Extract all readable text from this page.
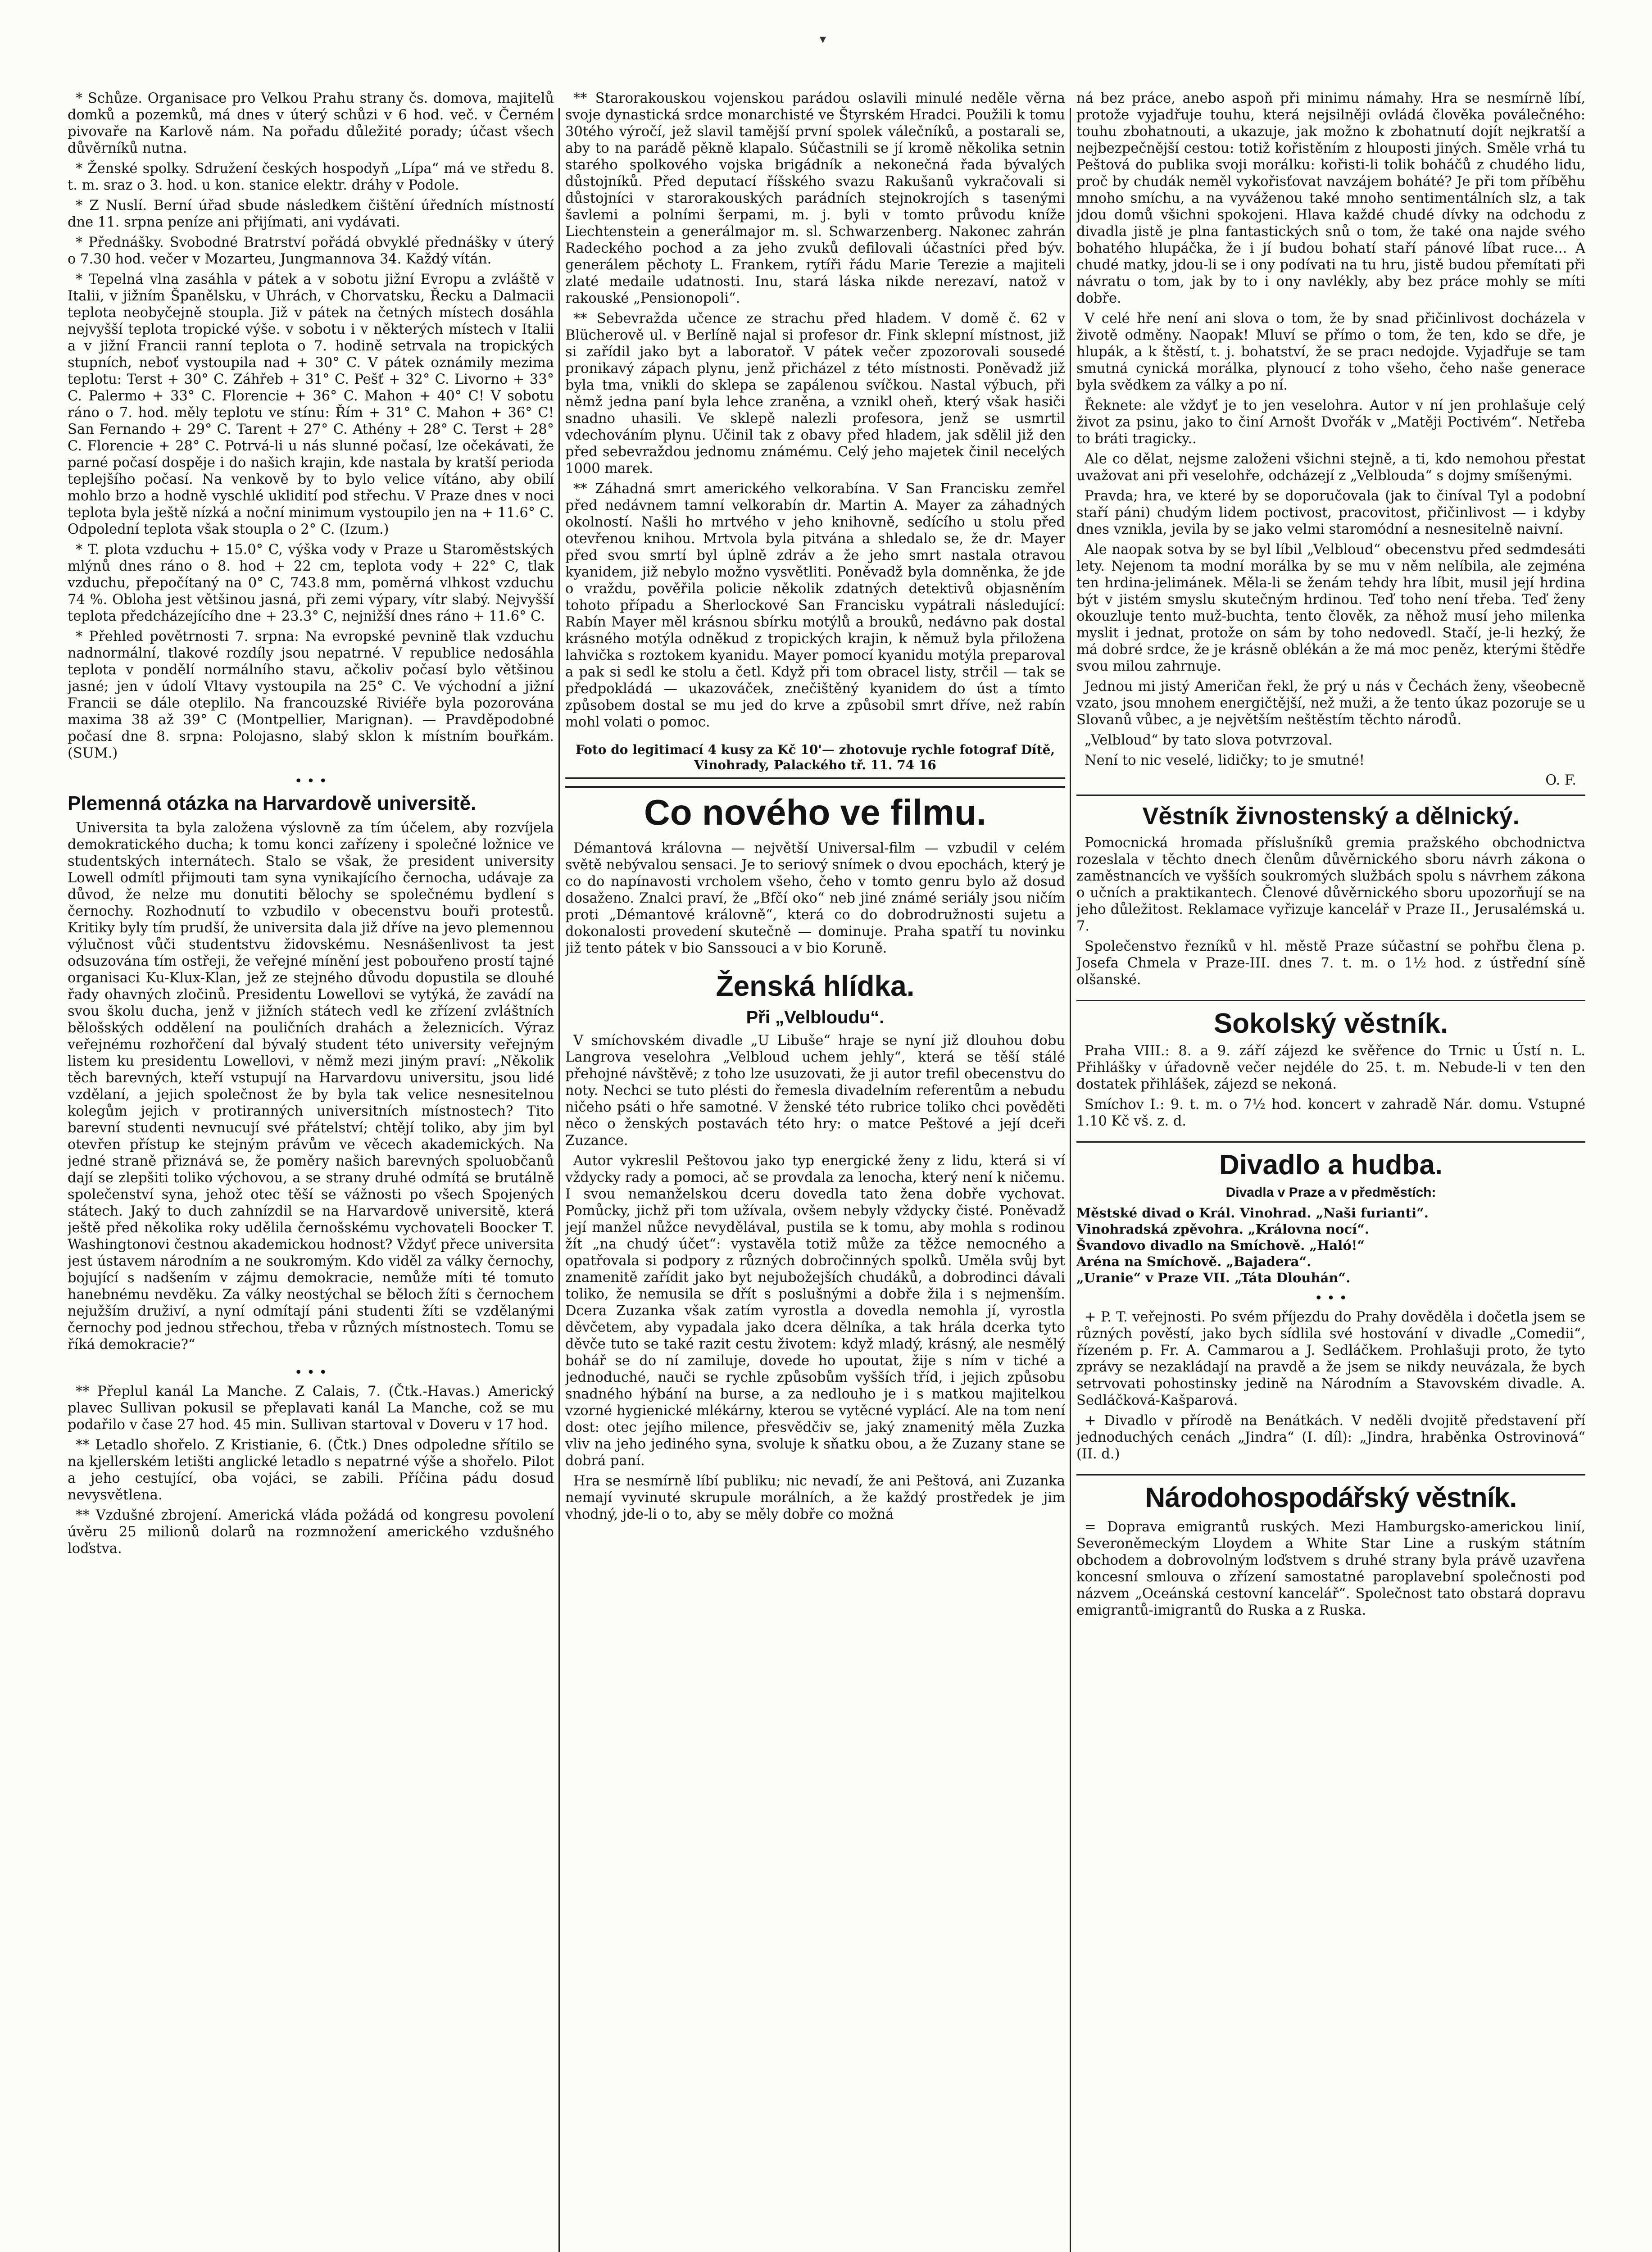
▾

* Schůze. Organisace pro Velkou Prahu strany čs. domova, majitelů domků a pozemků, má dnes v úterý schůzi v 6 hod. več. v Černém pivovaře na Karlově nám. Na pořadu důležité porady; účast všech důvěrníků nutna.

* Ženské spolky. Sdružení českých hospodyň „Lípa“ má ve středu 8. t. m. sraz o 3. hod. u kon. stanice elektr. dráhy v Podole.

* Z Nuslí. Berní úřad sbude následkem čištění úředních místností dne 11. srpna peníze ani přijímati, ani vydávati.

* Přednášky. Svobodné Bratrství pořádá obvyklé přednášky v úterý o 7.30 hod. večer v Mozarteu, Jungmannova 34. Každý vítán.

* Tepelná vlna zasáhla v pátek a v sobotu jižní Evropu a zvláště v Italii, v jižním Španělsku, v Uhrách, v Chorvatsku, Řecku a Dalmacii teplota neobyčejně stoupla. Již v pátek na četných místech dosáhla nejvyšší teplota tropické výše. v sobotu i v některých místech v Italii a v jižní Francii ranní teplota o 7. hodině setrvala na tropických stupních, neboť vystoupila nad + 30° C. V pátek oznámily mezima teplotu: Terst + 30° C. Záhřeb + 31° C. Pešť + 32° C. Livorno + 33° C. Palermo + 33° C. Florencie + 36° C. Mahon + 40° C! V sobotu ráno o 7. hod. měly teplotu ve stínu: Řím + 31° C. Mahon + 36° C! San Fernando + 29° C. Tarent + 27° C. Athény + 28° C. Terst + 28° C. Florencie + 28° C. Potrvá-li u nás slunné počasí, lze očekávati, že parné počasí dospěje i do našich krajin, kde nastala by kratší perioda teplejšího počasí. Na venkově by to bylo velice vítáno, aby obilí mohlo brzo a hodně vyschlé uklidití pod střechu. V Praze dnes v noci teplota byla ještě nízká a noční minimum vystoupilo jen na + 11.6° C. Odpolední teplota však stoupla o 2° C. (Izum.)

* T. plota vzduchu + 15.0° C, výška vody v Praze u Staroměstských mlýnů dnes ráno o 8. hod + 22 cm, teplota vody + 22° C, tlak vzduchu, přepočítaný na 0° C, 743.8 mm, poměrná vlhkost vzduchu 74 %. Obloha jest většinou jasná, při zemi výpary, vítr slabý. Nejvyšší teplota předcházejícího dne + 23.3° C, nejnižší dnes ráno + 11.6° C.

* Přehled povětrnosti 7. srpna: Na evropské pevnině tlak vzduchu nadnormální, tlakové rozdíly jsou nepatrné. V republice nedosáhla teplota v pondělí normálního stavu, ačkoliv počasí bylo většinou jasné; jen v údolí Vltavy vystoupila na 25° C. Ve východní a jižní Francii se dále oteplilo. Na francouzské Riviéře byla pozorována maxima 38 až 39° C (Montpellier, Marignan). — Pravděpodobné počasí dne 8. srpna: Polojasno, slabý sklon k místním bouřkám. (SUM.)

• • •
Plemenná otázka na Harvardově universitě.

Universita ta byla založena výslovně za tím účelem, aby rozvíjela demokratického ducha; k tomu konci zařízeny i společné ložnice ve studentských internátech. Stalo se však, že president university Lowell odmítl přijmouti tam syna vynikajícího černocha, udávaje za důvod, že nelze mu donutiti bělochy se společnému bydlení s černochy. Rozhodnutí to vzbudilo v obecenstvu bouři protestů. Kritiky byly tím prudší, že universita dala již dříve na jevo plemennou výlučnost vůči studentstvu židovskému. Nesnášenlivost ta jest odsuzována tím ostřeji, že veřejné mínění jest pobouřeno prostí tajné organisaci Ku-Klux-Klan, jež ze stejného důvodu dopustila se dlouhé řady ohavných zločinů. Presidentu Lowellovi se vytýká, že zavádí na svou školu ducha, jenž v jižních státech vedl ke zřízení zvláštních bělošských oddělení na pouličních drahách a železnicích. Výraz veřejnému rozhořčení dal bývalý student této university veřejným listem ku presidentu Lowellovi, v němž mezi jiným praví: „Několik těch barevných, kteří vstupují na Harvardovu universitu, jsou lidé vzdělaní, a jejich společnost že by byla tak velice nesnesitelnou kolegům jejich v protiranných universitních místnostech? Tito barevní studenti nevnucují své přátelství; chtějí toliko, aby jim byl otevřen přístup ke stejným právům ve věcech akademických. Na jedné straně přiznává se, že poměry našich barevných spoluobčanů dají se zlepšiti toliko výchovou, a se strany druhé odmítá se brutálně společenství syna, jehož otec těší se vážnosti po všech Spojených státech. Jaký to duch zahnízdil se na Harvardově universitě, která ještě před několika roky udělila černošskému vychovateli Boocker T. Washingtonovi čestnou akademickou hodnost? Vždyť přece universita jest ústavem národním a ne soukromým. Kdo viděl za války černochy, bojující s nadšením v zájmu demokracie, nemůže míti té tomuto hanebnému nevděku. Za války neostýchal se běloch žíti s černochem nejužším druživí, a nyní odmítají páni studenti žíti se vzdělanými černochy pod jednou střechou, třeba v různých místnostech. Tomu se říká demokracie?“

• • •

** Přeplul kanál La Manche. Z Calais, 7. (Čtk.-Havas.) Americký plavec Sullivan pokusil se přeplavati kanál La Manche, což se mu podařilo v čase 27 hod. 45 min. Sullivan startoval v Doveru v 17 hod.

** Letadlo shořelo. Z Kristianie, 6. (Čtk.) Dnes odpoledne sřítilo se na kjellerském letišti anglické letadlo s nepatrné výše a shořelo. Pilot a jeho cestující, oba vojáci, se zabili. Příčina pádu dosud nevysvětlena.

** Vzdušné zbrojení. Americká vláda požádá od kongresu povolení úvěru 25 milionů dolarů na rozmnožení amerického vzdušného loďstva.

** Starorakouskou vojenskou parádou oslavili minulé neděle věrna svoje dynastická srdce monarchisté ve Štyrském Hradci. Použili k tomu 30tého výročí, jež slavil tamější první spolek válečníků, a postarali se, aby to na parádě pěkně klapalo. Súčastnili se jí kromě několika setnin starého spolkového vojska brigádník a nekonečná řada bývalých důstojníků. Před deputací říšského svazu Rakušanů vykračovali si důstojníci v starorakouských parádních stejnokrojích s tasenými šavlemi a polními šerpami, m. j. byli v tomto průvodu kníže Liechtenstein a generálmajor m. sl. Schwarzenberg. Nakonec zahrán Radeckého pochod a za jeho zvuků defilovali účastníci před býv. generálem pěchoty L. Frankem, rytíři řádu Marie Terezie a majiteli zlaté medaile udatnosti. Inu, stará láska nikde nerezaví, natož v rakouské „Pensionopoli“.

** Sebevražda učence ze strachu před hladem. V domě č. 62 v Blücherově ul. v Berlíně najal si profesor dr. Fink sklepní místnost, již si zařídil jako byt a laboratoř. V pátek večer zpozorovali sousedé pronikavý zápach plynu, jenž přicházel z této místnosti. Poněvadž již byla tma, vnikli do sklepa se zapálenou svíčkou. Nastal výbuch, při němž jedna paní byla lehce zraněna, a vznikl oheň, který však hasiči snadno uhasili. Ve sklepě nalezli profesora, jenž se usmrtil vdechováním plynu. Učinil tak z obavy před hladem, jak sdělil již den před sebevraždou jednomu známému. Celý jeho majetek činil necelých 1000 marek.

** Záhadná smrt amerického velkorabína. V San Francisku zemřel před nedávnem tamní velkorabín dr. Martin A. Mayer za záhadných okolností. Našli ho mrtvého v jeho knihovně, sedícího u stolu před otevřenou knihou. Mrtvola byla pitvána a shledalo se, že dr. Mayer před svou smrtí byl úplně zdráv a že jeho smrt nastala otravou kyanidem, již nebylo možno vysvětliti. Poněvadž byla domněnka, že jde o vraždu, pověřila policie několik zdatných detektivů objasněním tohoto případu a Sherlockové San Francisku vypátrali následující: Rabín Mayer měl krásnou sbírku motýlů a brouků, nedávno pak dostal krásného motýla odněkud z tropických krajin, k němuž byla přiložena lahvička s roztokem kyanidu. Mayer pomocí kyanidu motýla preparoval a pak si sedl ke stolu a četl. Když při tom obracel listy, strčil — tak se předpokládá — ukazováček, znečištěný kyanidem do úst a tímto způsobem dostal se mu jed do krve a způsobil smrt dříve, než rabín mohl volati o pomoc.

Foto do legitimací 4 kusy za Kč 10'— zhotovuje rychle fotograf Dítě, Vinohrady, Palackého tř. 11. 74 16
Co nového ve filmu.

Démantová královna — největší Universal-film — vzbudil v celém světě nebývalou sensaci. Je to seriový snímek o dvou epochách, který je co do napínavosti vrcholem všeho, čeho v tomto genru bylo až dosud dosaženo. Znalci praví, že „Bfčí oko“ neb jiné známé seriály jsou ničím proti „Démantové královně“, která co do dobrodružnosti sujetu a dokonalosti provedení skutečně — dominuje. Praha spatří tu novinku již tento pátek v bio Sanssouci a v bio Koruně.

Ženská hlídka.
Při „Velbloudu“.

V smíchovském divadle „U Libuše“ hraje se nyní již dlouhou dobu Langrova veselohra „Velbloud uchem jehly“, která se těší stálé přehojné návštěvě; z toho lze usuzovati, že ji autor trefil obecenstvu do noty. Nechci se tuto plésti do řemesla divadelním referentům a nebudu ničeho psáti o hře samotné. V ženské této rubrice toliko chci pověděti něco o ženských postavách této hry: o matce Peštové a její dceři Zuzance.

Autor vykreslil Peštovou jako typ energické ženy z lidu, která si ví vždycky rady a pomoci, ač se provdala za lenocha, který není k ničemu. I svou nemanželskou dceru dovedla tato žena dobře vychovat. Pomůcky, jichž při tom užívala, ovšem nebyly vždycky čisté. Poněvadž její manžel nůžce nevydělával, pustila se k tomu, aby mohla s rodinou žít „na chudý účet“: vystavěla totiž může za těžce nemocného a opatřovala si podpory z různých dobročinných spolků. Uměla svůj byt znamenitě zařídit jako byt nejubožejších chudáků, a dobrodinci dávali toliko, že nemusila se dřít s poslušnými a dobře žila i s nejmenším. Dcera Zuzanka však zatím vyrostla a dovedla nemohla jí, vyrostla děvčetem, aby vypadala jako dcera dělníka, a tak hrála dcerka tyto děvče tuto se také razit cestu životem: když mladý, krásný, ale nesmělý bohář se do ní zamiluje, dovede ho upoutat, žije s ním v tiché a jednoduché, nauči se rychle způsobům vyšších tříd, i jejich způsobu snadného hýbání na burse, a za nedlouho je i s matkou majitelkou vzorné hygienické mlékárny, kterou se vytěcné vyplácí. Ale na tom není dost: otec jejího milence, přesvědčiv se, jaký znamenitý měla Zuzka vliv na jeho jediného syna, svoluje k sňatku obou, a že Zuzany stane se dobrá paní.

Hra se nesmírně líbí publiku; nic nevadí, že ani Peštová, ani Zuzanka nemají vyvinuté skrupule morálních, a že každý prostředek je jim vhodný, jde-li o to, aby se měly dobře co možná

ná bez práce, anebo aspoň při minimu námahy. Hra se nesmírně líbí, protože vyjadřuje touhu, která nejsilněji ovládá člověka poválečného: touhu zbohatnouti, a ukazuje, jak možno k zbohatnutí dojít nejkratší a nejbezpečnější cestou: totiž kořistěním z hlouposti jiných. Směle vrhá tu Peštová do publika svoji morálku: kořisti-li tolik boháčů z chudého lidu, proč by chudák neměl vykořisťovat navzájem boháté? Je při tom příběhu mnoho smíchu, a na vyváženou také mnoho sentimentálních slz, a tak jdou domů všichni spokojeni. Hlava každé chudé dívky na odchodu z divadla jistě je plna fantastických snů o tom, že také ona najde svého bohatého hlupáčka, že i jí budou bohatí staří pánové líbat ruce... A chudé matky, jdou-li se i ony podívati na tu hru, jistě budou přemítati při návratu o tom, jak by to i ony navlékly, aby bez práce mohly se míti dobře.

V celé hře není ani slova o tom, že by snad přičinlivost docházela v životě odměny. Naopak! Mluví se přímo o tom, že ten, kdo se dře, je hlupák, a k štěstí, t. j. bohatství, že se pracı nedojde. Vyjadřuje se tam smutná cynická morálka, plynoucí z toho všeho, čeho naše generace byla svědkem za války a po ní.

Řeknete: ale vždyť je to jen veselohra. Autor v ní jen prohlašuje celý život za psinu, jako to činí Arnošt Dvořák v „Matěji Poctivém“. Netřeba to bráti tragicky..

Ale co dělat, nejsme založeni všichni stejně, a ti, kdo nemohou přestat uvažovat ani při veselohře, odcházejí z „Velblouda“ s dojmy smíšenými.

Pravda; hra, ve které by se doporučovala (jak to činíval Tyl a podobní staří páni) chudým lidem poctivost, pracovitost, přičinlivost — i kdyby dnes vznikla, jevila by se jako velmi staromódní a nesnesitelně naivní.

Ale naopak sotva by se byl líbil „Velbloud“ obecenstvu před sedmdesáti lety. Nejenom ta modní morálka by se mu v něm nelíbila, ale zejména ten hrdina-jelimánek. Měla-li se ženám tehdy hra líbit, musil její hrdina být v jistém smyslu skutečným hrdinou. Teď toho není třeba. Teď ženy okouzluje tento muž-buchta, tento člověk, za něhož musí jeho milenka myslit i jednat, protože on sám by toho nedovedl. Stačí, je-li hezký, že má dobré srdce, že je krásně oblékán a že má moc peněz, kterými štědře svou milou zahrnuje.

Jednou mi jistý Američan řekl, že prý u nás v Čechách ženy, všeobecně vzato, jsou mnohem energičtější, než muži, a že tento úkaz pozoruje se u Slovanů vůbec, a je největším neštěstím těchto národů.

„Velbloud“ by tato slova potvrzoval.

Není to nic veselé, lidičky; to je smutné!

O. F.
Věstník živnostenský a dělnický.

Pomocnická hromada příslušníků gremia pražského obchodnictva rozeslala v těchto dnech členům důvěrnického sboru návrh zákona o zaměstnancích ve vyšších soukromých službách spolu s návrhem zákona o učních a praktikantech. Členové důvěrnického sboru upozorňují se na jeho důležitost. Reklamace vyřizuje kancelář v Praze II., Jerusalémská u. 7.

Společenstvo řezníků v hl. městě Praze súčastní se pohřbu člena p. Josefa Chmela v Praze-III. dnes 7. t. m. o 1½ hod. z ústřední síně olšanské.

Sokolský věstník.

Praha VIII.: 8. a 9. září zájezd ke svěřence do Trnic u Ústí n. L. Přihlášky v úřadovně večer nejdéle do 25. t. m. Nebude-li v ten den dostatek přihlášek, zájezd se nekoná.

Smíchov I.: 9. t. m. o 7½ hod. koncert v zahradě Nár. domu. Vstupné 1.10 Kč vš. z. d.

Divadlo a hudba.
Divadla v Praze a v předměstích:
Městské divad o Král. Vinohrad. „Naši furianti“.
Vinohradská zpěvohra. „Královna nocí“.
Švandovo divadlo na Smíchově. „Haló!“
Aréna na Smíchově. „Bajadera“.
„Uranie“ v Praze VII. „Táta Dlouhán“.
• • •

+ P. T. veřejnosti. Po svém příjezdu do Prahy dověděla i dočetla jsem se různých pověstí, jako bych sídlila své hostování v divadle „Comedii“, řízeném p. Fr. A. Cammarou a J. Sedláčkem. Prohlašuji proto, že tyto zprávy se nezakládají na pravdě a že jsem se nikdy neuvázala, že bych setrvovati pohostinsky jedině na Národním a Stavovském divadle. A. Sedláčková-Kašparová.

+ Divadlo v přírodě na Benátkách. V neděli dvojitě představení pří jednoduchých cenách „Jindra“ (I. díl): „Jindra, hraběnka Ostrovinová“ (II. d.)

Národohospodářský věstník.

= Doprava emigrantů ruských. Mezi Hamburgsko-americkou linií, Severoněmeckým Lloydem a White Star Line a ruským státním obchodem a dobrovolným loďstvem s druhé strany byla právě uzavřena koncesní smlouva o zřízení samostatné paroplavební společnosti pod názvem „Oceánská cestovní kancelář“. Společnost tato obstará dopravu emigrantů-imigrantů do Ruska a z Ruska.
